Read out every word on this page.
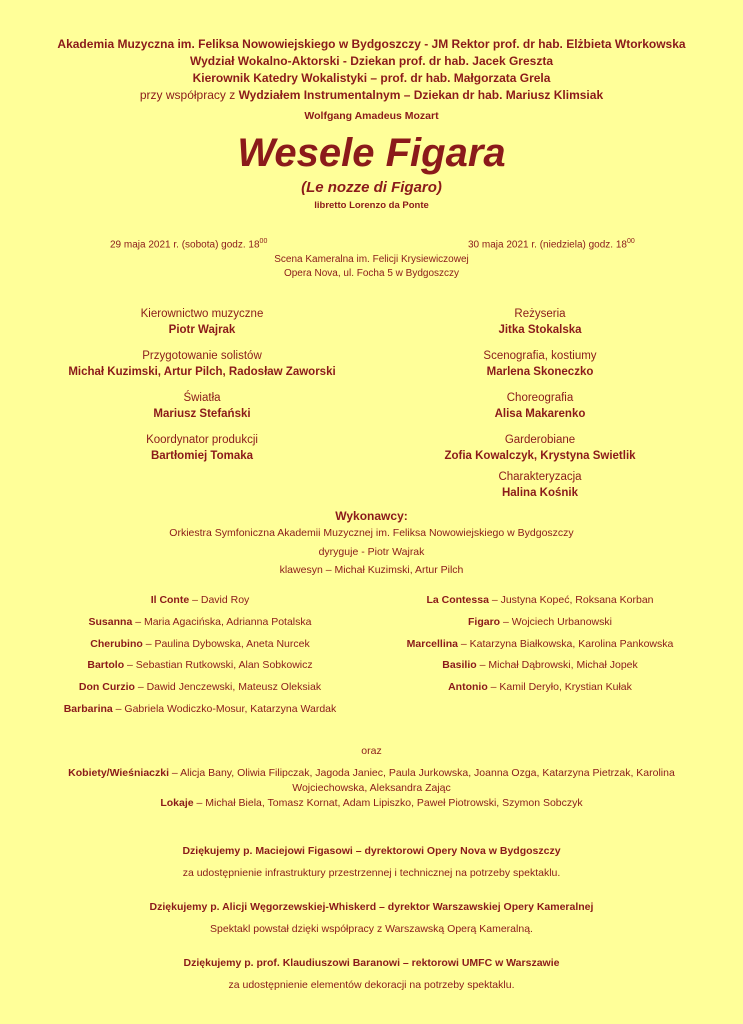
Akademia Muzyczna im. Feliksa Nowowiejskiego w Bydgoszczy - JM Rektor prof. dr hab. Elżbieta Wtorkowska

Wydział Wokalno-Aktorski - Dziekan prof. dr hab. Jacek Greszta

Kierownik Katedry Wokalistyki – prof. dr hab. Małgorzata Grela

przy współpracy z Wydziałem Instrumentalnym – Dziekan dr hab. Mariusz Klimsiak

Wolfgang Amadeus Mozart
Wesele Figara
(Le nozze di Figaro)
libretto Lorenzo da Ponte
29 maja 2021 r. (sobota) godz. $18^{00}$	30 maja 2021 r. (niedziela) godz. $18^{00}$
Scena Kameralna im. Felicji Krysiewiczowej
Opera Nova, ul. Focha 5 w Bydgoszczy
Kierownictwo muzyczne
Piotr Wajrak
Przygotowanie solistów
Michał Kuzimski, Artur Pilch, Radosław Zaworski
Światła
Mariusz Stefański
Koordynator produkcji
Bartłomiej Tomaka
Reżyseria
Jitka Stokalska
Scenografia, kostiumy
Marlena Skoneczko
Choreografia
Alisa Makarenko
Garderobiane
Zofia Kowalczyk, Krystyna Swietlik
Charakteryzacja
Halina Kośnik
Wykonawcy:
Orkiestra Symfoniczna Akademii Muzycznej im. Feliksa Nowowiejskiego w Bydgoszczy
dyryguje - Piotr Wajrak
klawesyn – Michał Kuzimski, Artur Pilch
Il Conte – David Roy
Susanna – Maria Agacińska, Adrianna Potalska
Cherubino – Paulina Dybowska, Aneta Nurcek
Bartolo – Sebastian Rutkowski, Alan Sobkowicz
Don Curzio – Dawid Jenczewski, Mateusz Oleksiak
Barbarina – Gabriela Wodiczko-Mosur, Katarzyna Wardak
La Contessa – Justyna Kopeć, Roksana Korban
Figaro – Wojciech Urbanowski
Marcellina – Katarzyna Białkowska, Karolina Pankowska
Basilio – Michał Dąbrowski, Michał Jopek
Antonio – Kamil Deryło, Krystian Kułak
oraz
Kobiety/Wieśniaczki – Alicja Bany, Oliwia Filipczak, Jagoda Janiec, Paula Jurkowska, Joanna Ozga, Katarzyna Pietrzak, Karolina Wojciechowska, Aleksandra Zając
Lokaje – Michał Biela, Tomasz Kornat, Adam Lipiszko, Paweł Piotrowski, Szymon Sobczyk
Dziękujemy p. Maciejowi Figasowi – dyrektorowi Opery Nova w Bydgoszczy
za udostępnienie infrastruktury przestrzennej i technicznej na potrzeby spektaklu.
Dziękujemy p. Alicji Węgorzewskiej-Whiskerd – dyrektor Warszawskiej Opery Kameralnej
Spektakl powstał dzięki współpracy z Warszawską Operą Kameralną.
Dziękujemy p. prof. Klaudiuszowi Baranowi – rektorowi UMFC w Warszawie
za udostępnienie elementów dekoracji na potrzeby spektaklu.
